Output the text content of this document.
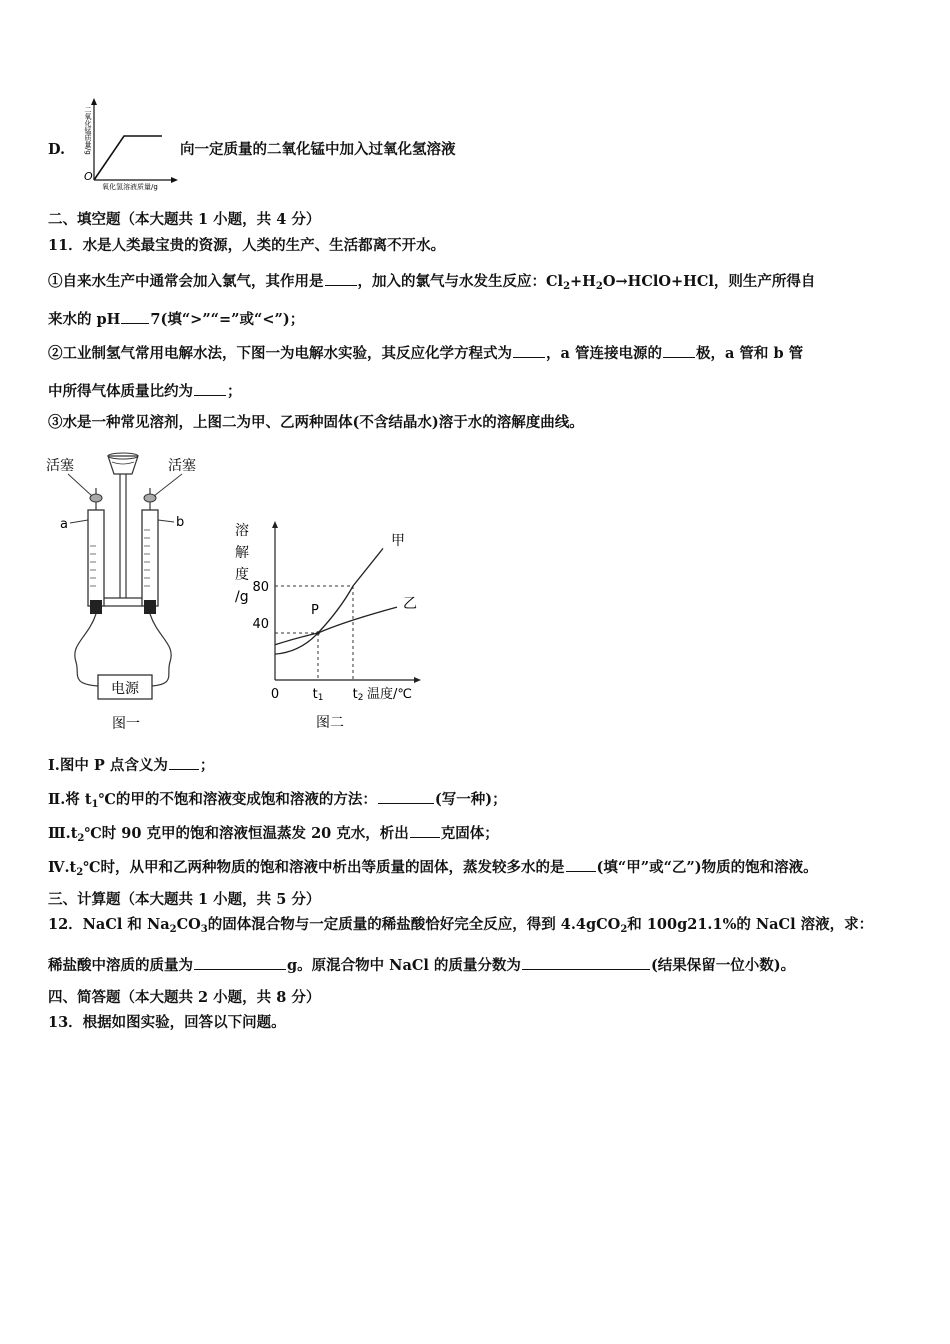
D.
O
氧化氢溶液质量/g
二氧化锰质量/g	向一定质量的二氧化锰中加入过氧化氢溶液
二、填空题（本大题共 1 小题，共 4 分）
11．水是人类最宝贵的资源，人类的生产、生活都离不开水。
①自来水生产中通常会加入氯气，其作用是 ，加入的氯气与水发生反应：$Cl_2+H_2O\to HClO+HCl$，则生产所得自
来水的 pH 7(填“>”“=”或“<”)；
②工业制氢气常用电解水法，下图一为电解水实验，其反应化学方程式为 ，a 管连接电源的 极，a 管和 b 管
中所得气体质量比约为 ；
③水是一种常见溶剂，上图二为甲、乙两种固体(不含结晶水)溶于水的溶解度曲线。
电源
活塞	活塞
a	b
图一
溶
解
度
/g
80
40
0	t1 t2 温度/℃
P
甲
乙
图二
Ⅰ.图中 P 点含义为 ；
Ⅱ.将 $t_1℃$的甲的不饱和溶液变成饱和溶液的方法：	(写一种)；
$Ⅲ.t_2℃$时 90 克甲的饱和溶液恒温蒸发 20 克水，析出 克固体；
$Ⅳ.t_2℃$时，从甲和乙两种物质的饱和溶液中析出等质量的固体，蒸发较多水的是 (填“甲”或“乙”)物质的饱和溶液。
三、计算题（本大题共 1 小题，共 5 分）
12．NaCl 和 $Na_2CO_3$的固体混合物与一定质量的稀盐酸恰好完全反应，得到 4.4gCO$_2$和 100g21.1%的 NaCl 溶液，求：
稀盐酸中溶质的质量为	g。原混合物中 NaCl 的质量分数为	(结果保留一位小数)。
四、简答题（本大题共 2 小题，共 8 分）
13．根据如图实验，回答以下问题。
